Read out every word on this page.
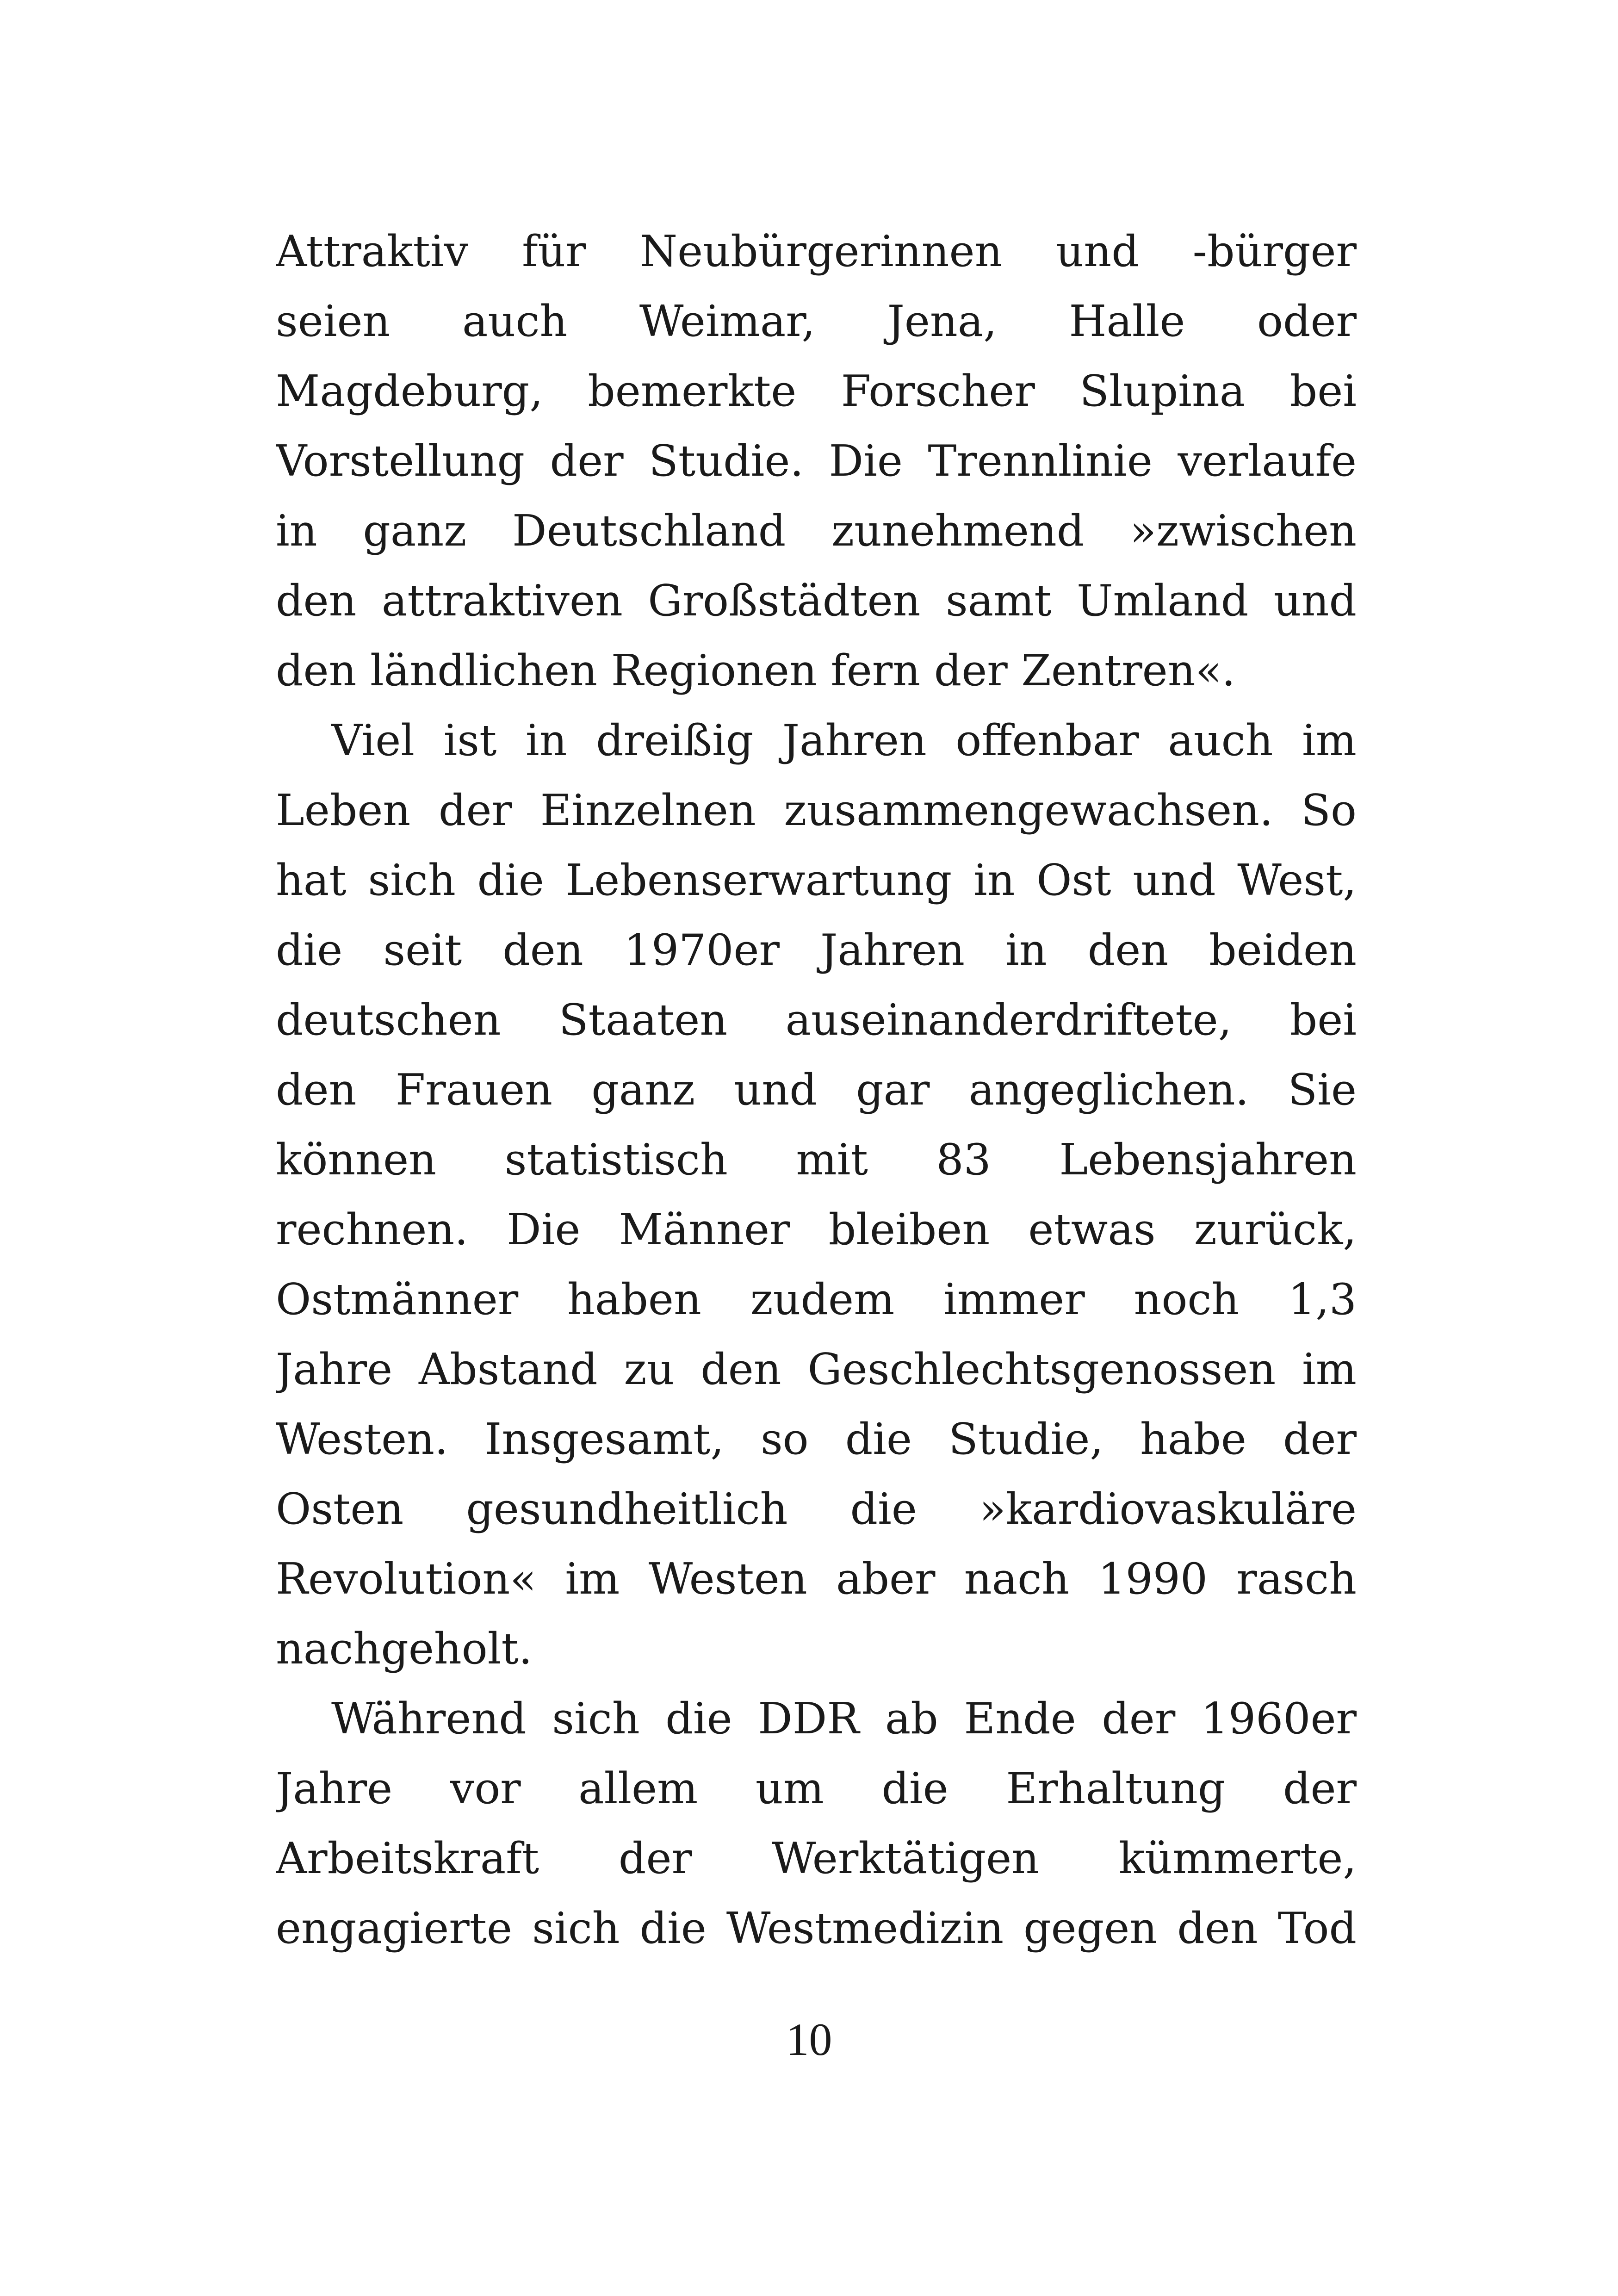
Attraktiv für Neubürgerinnen und -bürger
seien auch Weimar, Jena, Halle oder
Magdeburg, bemerkte Forscher Slupina bei
Vorstellung der Studie. Die Trennlinie verlaufe
in ganz Deutschland zunehmend »zwischen
den attraktiven Großstädten samt Umland und
den ländlichen Regionen fern der Zentren«.
Viel ist in dreißig Jahren offenbar auch im
Leben der Einzelnen zusammengewachsen. So
hat sich die Lebenserwartung in Ost und West,
die seit den 1970er Jahren in den beiden
deutschen Staaten auseinanderdriftete, bei
den Frauen ganz und gar angeglichen. Sie
können statistisch mit 83 Lebensjahren
rechnen. Die Männer bleiben etwas zurück,
Ostmänner haben zudem immer noch 1,3
Jahre Abstand zu den Geschlechtsgenossen im
Westen. Insgesamt, so die Studie, habe der
Osten gesundheitlich die »kardiovaskuläre
Revolution« im Westen aber nach 1990 rasch
nachgeholt.
Während sich die DDR ab Ende der 1960er
Jahre vor allem um die Erhaltung der
Arbeitskraft der Werktätigen kümmerte,
engagierte sich die Westmedizin gegen den Tod
10
